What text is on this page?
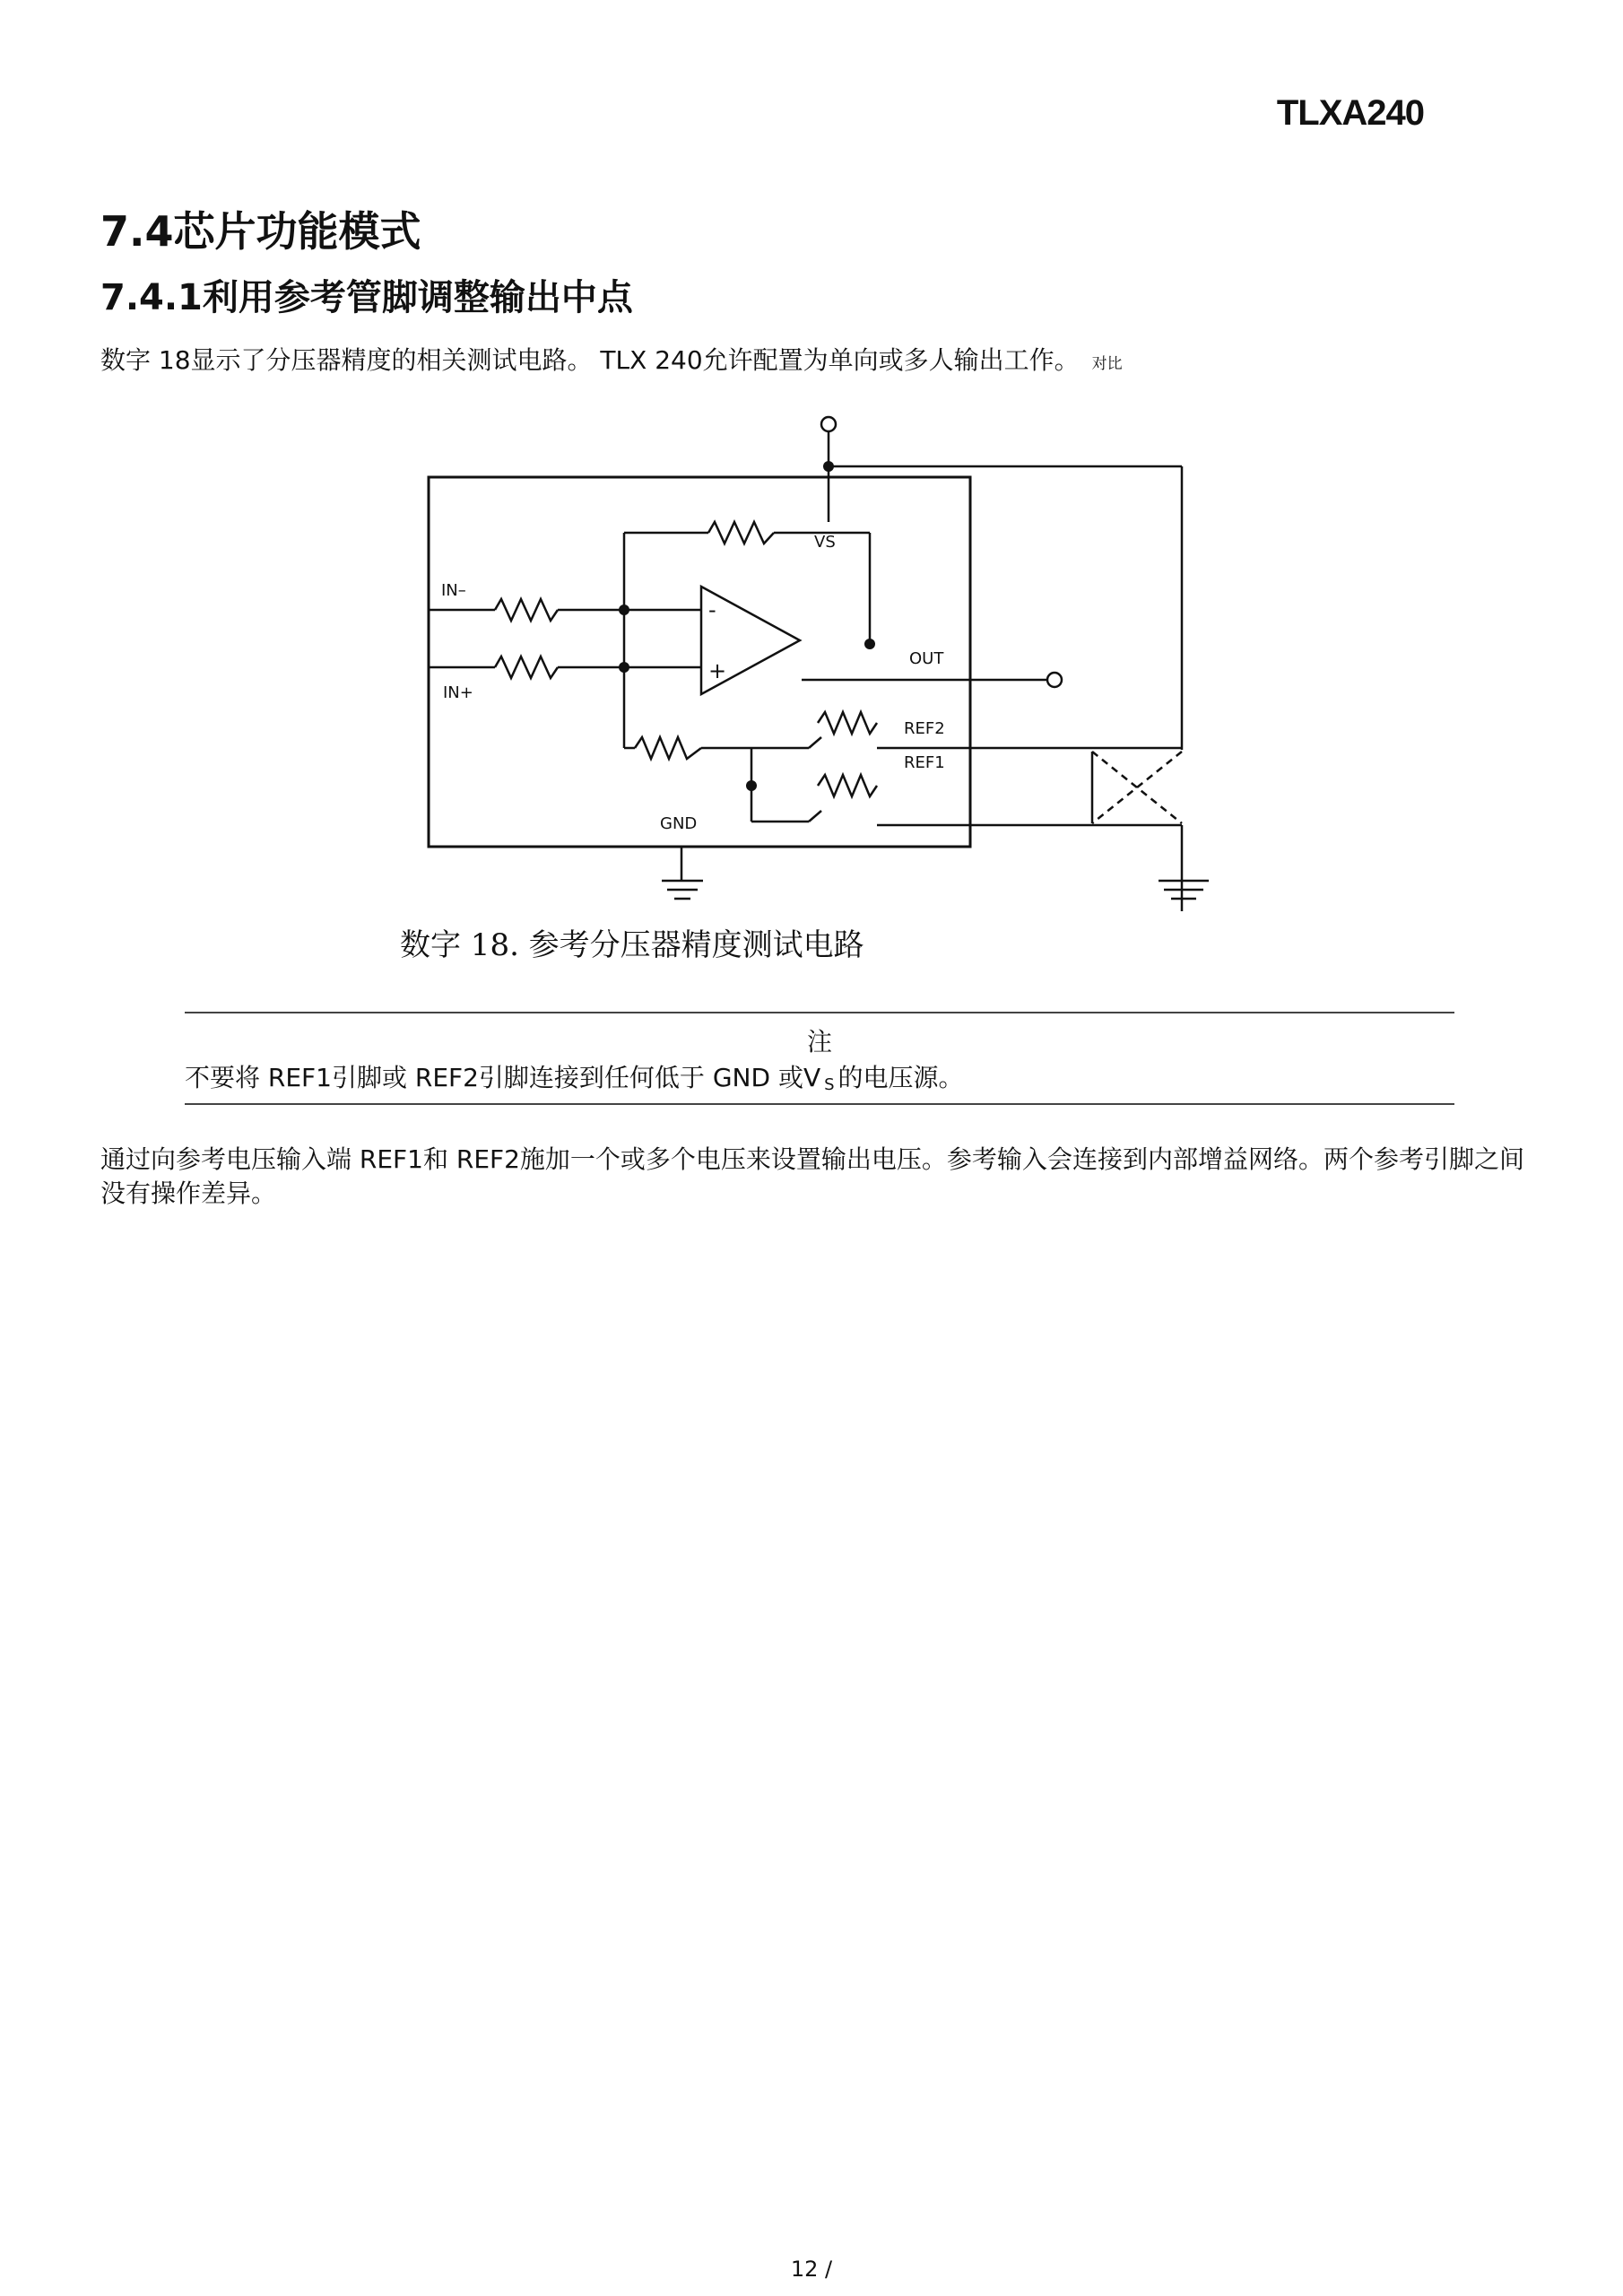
TLXA240
7.4芯片功能模式
7.4.1利用参考管脚调整输出中点
数字 18显示了分压器精度的相关测试电路。 TLX 240允许配置为单向或多人输出工作。 对比
IN–
IN+
VS
OUT
REF2
REF1
GND
-
+
数字 18. 参考分压器精度测试电路
注
不要将 REF1引脚或 REF2引脚连接到任何低于 GND 或V $_S$ 的电压源。
通过向参考电压输入端 REF1和 REF2施加一个或多个电压来设置输出电压。参考输入会连接到内部增益网络。两个参考引脚之间没有操作差异。
12 /
